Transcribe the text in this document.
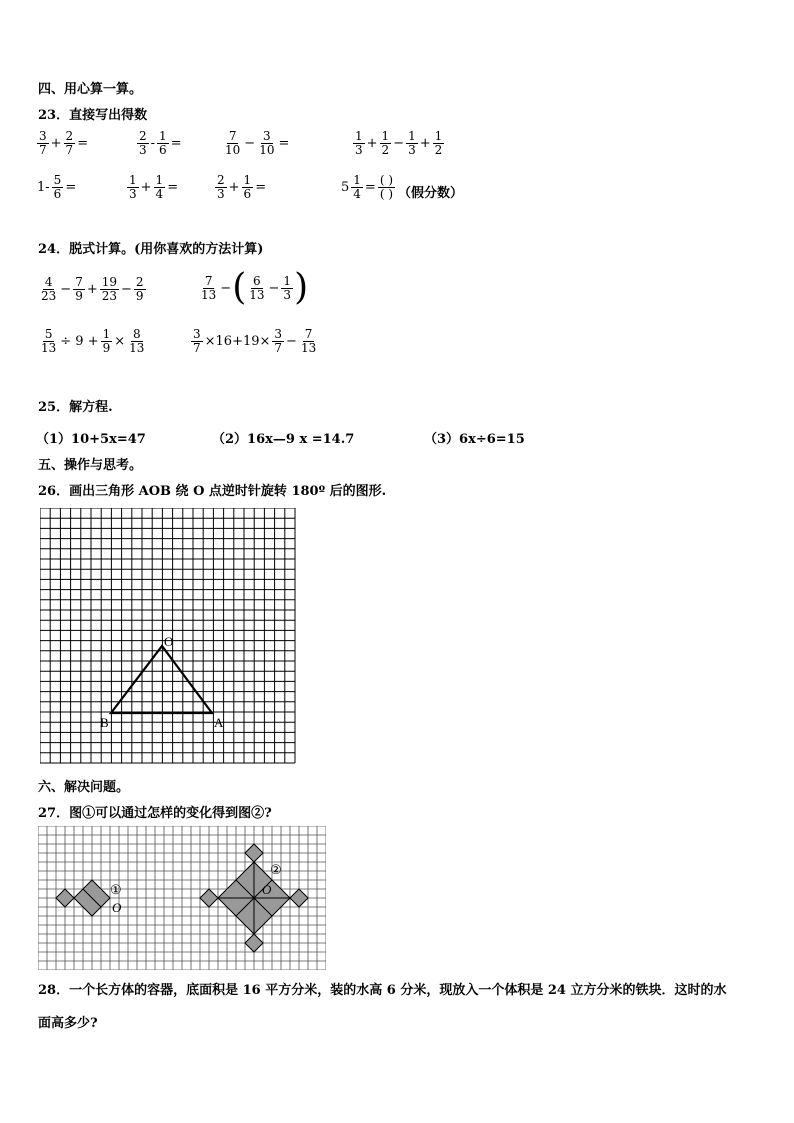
四、用心算一算。
23．直接写出得数
$\frac{3}{7} + \frac{2}{7}$ =	$\frac{2}{3} - \frac{1}{6}$ =	$\frac{7}{10} - \frac{3}{10}$ =	$\frac{1}{3} + \frac{1}{2} - \frac{1}{3} + \frac{1}{2}$
$1- \frac{5}{6}$ =	$\frac{1}{3} + \frac{1}{4}$ =	$\frac{2}{3} + \frac{1}{6}$ =	$5 \frac{1}{4} = \frac{( )}{( )}$ （假分数）
24．脱式计算。(用你喜欢的方法计算)
$\frac{4}{23} - \frac{7}{9} + \frac{19}{23} - \frac{2}{9}$	$\frac{7}{13}$ −( $\frac{6}{13} - \frac{1}{3}$ )
$\frac{5}{13} \div 9 + \frac{1}{9} \times \frac{8}{13}$	$\frac{3}{7} \times 16+19\times \frac{3}{7} - \frac{7}{13}$
25．解方程.
（1）10+5x=47	（2）16x—9 x =14.7	（3）6x÷6=15
五、操作与思考。
26．画出三角形 AOB 绕 O 点逆时针旋转 180º 后的图形.
O
B	A
六、解决问题。
27．图①可以通过怎样的变化得到图②?
①
O
②
O
28．一个长方体的容器，底面积是 16 平方分米，装的水高 6 分米，现放入一个体积是 24 立方分米的铁块．这时的水
面高多少?
